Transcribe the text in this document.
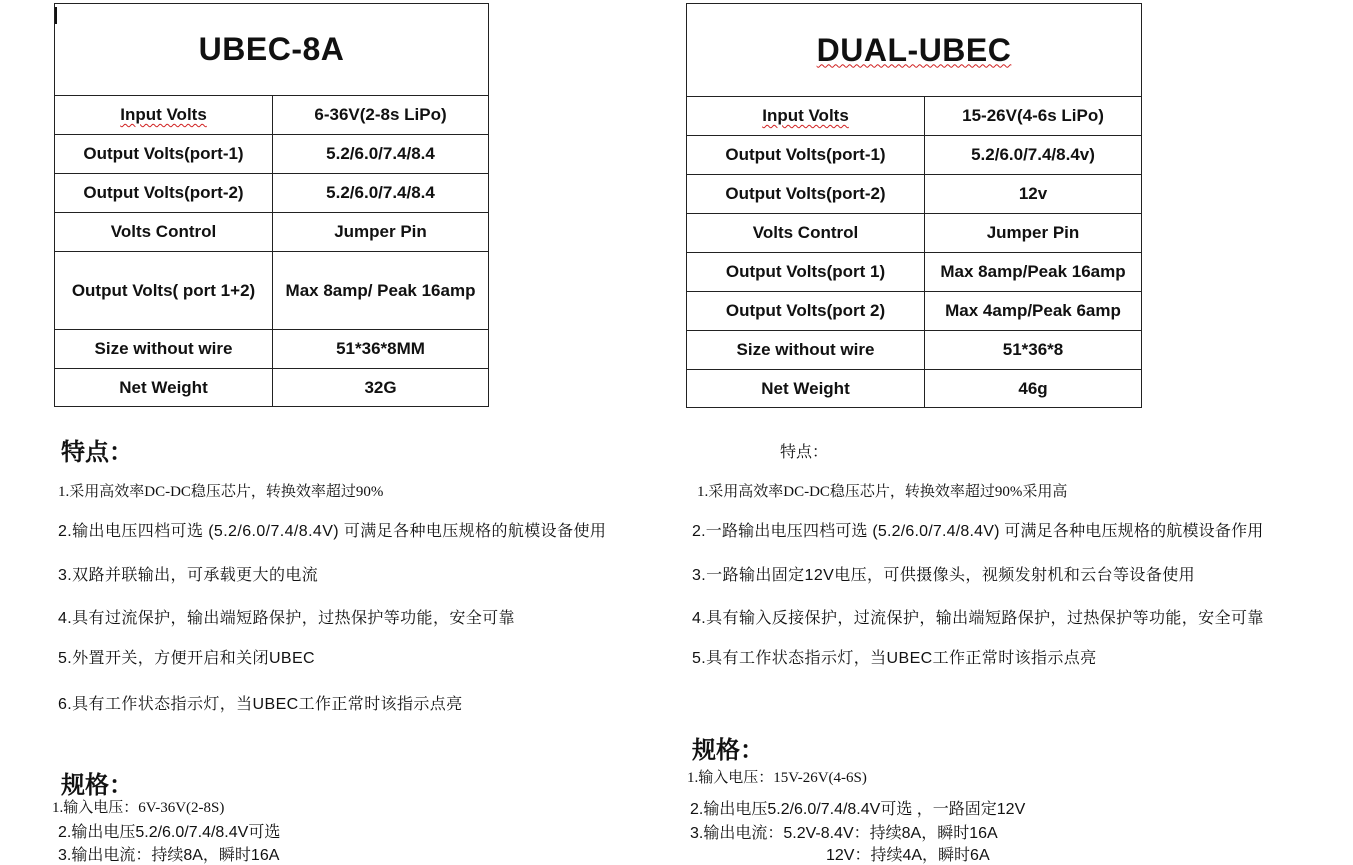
UBEC-8A	
Input Volts	6-36V(2-8s LiPo)
Output Volts(port-1)	5.2/6.0/7.4/8.4
Output Volts(port-2)	5.2/6.0/7.4/8.4
Volts Control	Jumper Pin
Output Volts( port 1+2)	Max 8amp/ Peak 16amp
Size without wire	51*36*8MM
Net Weight	32G
DUAL-UBEC	
Input Volts	15-26V(4-6s LiPo)
Output Volts(port-1)	5.2/6.0/7.4/8.4v)
Output Volts(port-2)	12v
Volts Control	Jumper Pin
Output Volts(port 1)	Max 8amp/Peak 16amp
Output Volts(port 2)	Max 4amp/Peak 6amp
Size without wire	51*36*8
Net Weight	46g
特点：
1.采用高效率DC-DC稳压芯片，转换效率超过90%
2.输出电压四档可选 (5.2/6.0/7.4/8.4V) 可满足各种电压规格的航模设备使用
3.双路并联输出，可承载更大的电流
4.具有过流保护，输出端短路保护，过热保护等功能，安全可靠
5.外置开关，方便开启和关闭UBEC
6.具有工作状态指示灯，当UBEC工作正常时该指示点亮
规格：
1.输入电压：6V-36V(2-8S)
2.输出电压5.2/6.0/7.4/8.4V可选
3.输出电流：持续8A，瞬时16A
特点：
1.采用高效率DC-DC稳压芯片，转换效率超过90%采用高
2.一路输出电压四档可选 (5.2/6.0/7.4/8.4V) 可满足各种电压规格的航模设备作用
3.一路输出固定12V电压，可供摄像头，视频发射机和云台等设备使用
4.具有输入反接保护，过流保护，输出端短路保护，过热保护等功能，安全可靠
5.具有工作状态指示灯，当UBEC工作正常时该指示点亮
规格：
1.输入电压：15V-26V(4-6S)
2.输出电压5.2/6.0/7.4/8.4V可选 ，一路固定12V
3.输出电流：5.2V-8.4V：持续8A，瞬时16A
12V：持续4A，瞬时6A
